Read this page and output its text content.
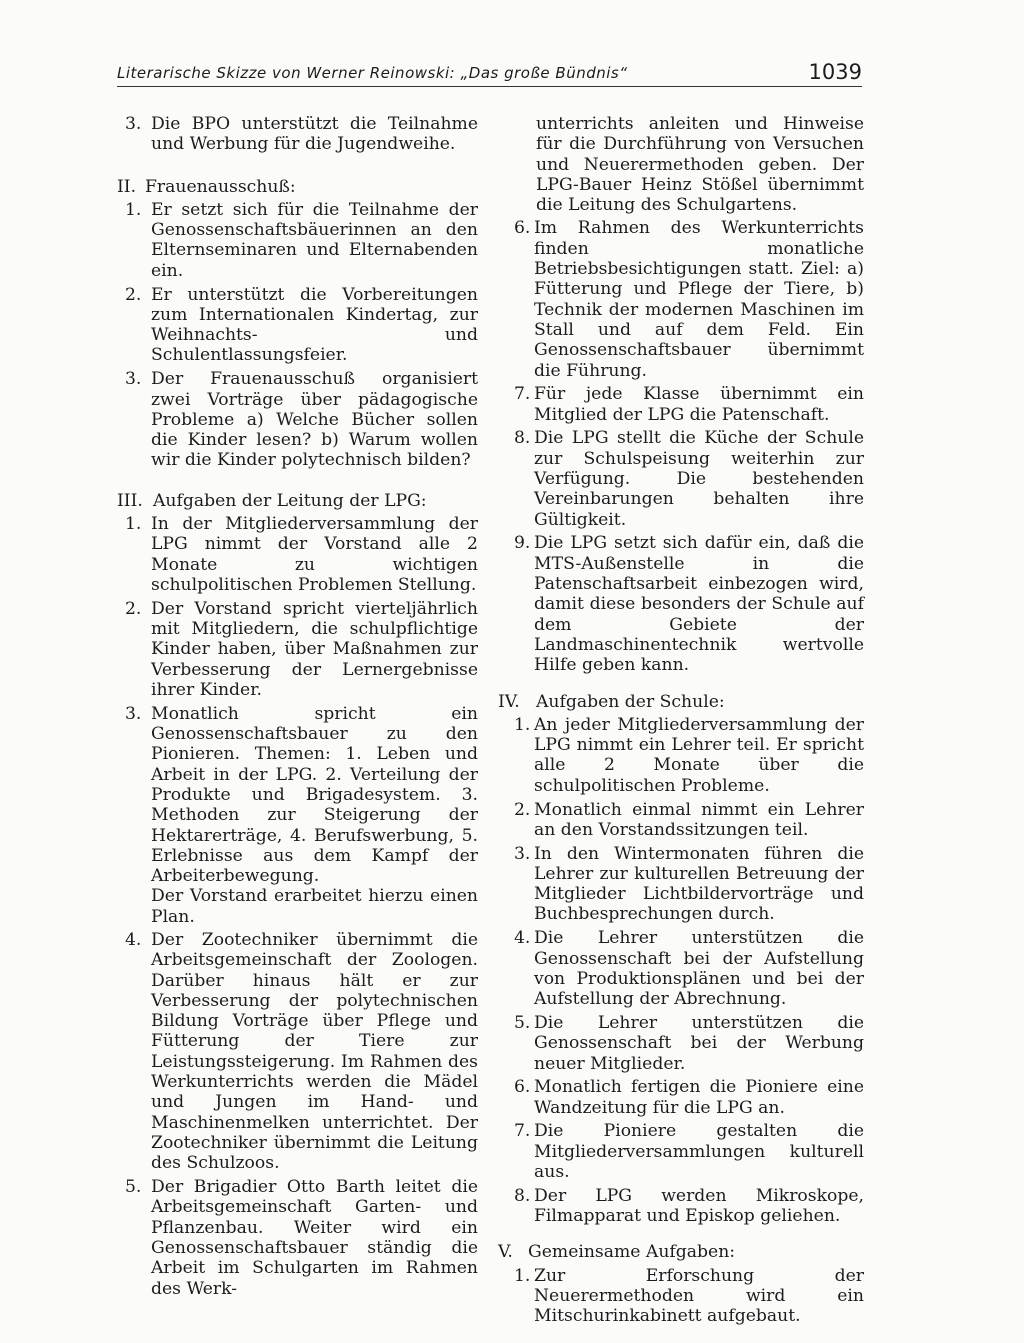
Literarische Skizze von Werner Reinowski: „Das große Bündnis“	1039
3. Die BPO unterstützt die Teilnahme und Werbung für die Jugendweihe.
II. Frauenausschuß:
1. Er setzt sich für die Teilnahme der Genossenschaftsbäuerinnen an den Elternseminaren und Elternabenden ein.
2. Er unterstützt die Vorbereitungen zum Internationalen Kindertag, zur Weihnachts- und Schulentlassungsfeier.
3. Der Frauenausschuß organisiert zwei Vorträge über pädagogische Probleme a) Welche Bücher sollen die Kinder lesen? b) Warum wollen wir die Kinder polytechnisch bilden?
III. Aufgaben der Leitung der LPG:
1. In der Mitgliederversammlung der LPG nimmt der Vorstand alle 2 Monate zu wichtigen schulpolitischen Problemen Stellung.
2. Der Vorstand spricht vierteljährlich mit Mitgliedern, die schulpflichtige Kinder haben, über Maßnahmen zur Verbesserung der Lernergebnisse ihrer Kinder.
3. Monatlich spricht ein Genossenschaftsbauer zu den Pionieren. Themen: 1. Leben und Arbeit in der LPG. 2. Verteilung der Produkte und Brigadesystem. 3. Methoden zur Steigerung der Hektarerträge, 4. Berufswerbung, 5. Erlebnisse aus dem Kampf der Arbeiterbewegung.
Der Vorstand erarbeitet hierzu einen Plan.
4. Der Zootechniker übernimmt die Arbeitsgemeinschaft der Zoologen. Darüber hinaus hält er zur Verbesserung der polytechnischen Bildung Vorträge über Pflege und Fütterung der Tiere zur Leistungssteigerung. Im Rahmen des Werkunterrichts werden die Mädel und Jungen im Hand- und Maschinenmelken unterrichtet. Der Zootechniker übernimmt die Leitung des Schulzoos.
5. Der Brigadier Otto Barth leitet die Arbeitsgemeinschaft Garten- und Pflanzenbau. Weiter wird ein Genossenschaftsbauer ständig die Arbeit im Schulgarten im Rahmen des Werk-
unterrichts anleiten und Hinweise für die Durchführung von Versuchen und Neuerermethoden geben. Der LPG-Bauer Heinz Stößel übernimmt die Leitung des Schulgartens.
6. Im Rahmen des Werkunterrichts finden monatliche Betriebsbesichtigungen statt. Ziel: a) Fütterung und Pflege der Tiere, b) Technik der modernen Maschinen im Stall und auf dem Feld. Ein Genossenschaftsbauer übernimmt die Führung.
7. Für jede Klasse übernimmt ein Mitglied der LPG die Patenschaft.
8. Die LPG stellt die Küche der Schule zur Schulspeisung weiterhin zur Verfügung. Die bestehenden Vereinbarungen behalten ihre Gültigkeit.
9. Die LPG setzt sich dafür ein, daß die MTS-Außenstelle in die Patenschaftsarbeit einbezogen wird, damit diese besonders der Schule auf dem Gebiete der Landmaschinentechnik wertvolle Hilfe geben kann.
IV. Aufgaben der Schule:
1. An jeder Mitgliederversammlung der LPG nimmt ein Lehrer teil. Er spricht alle 2 Monate über die schulpolitischen Probleme.
2. Monatlich einmal nimmt ein Lehrer an den Vorstandssitzungen teil.
3. In den Wintermonaten führen die Lehrer zur kulturellen Betreuung der Mitglieder Lichtbildervorträge und Buchbesprechungen durch.
4. Die Lehrer unterstützen die Genossenschaft bei der Aufstellung von Produktionsplänen und bei der Aufstellung der Abrechnung.
5. Die Lehrer unterstützen die Genossenschaft bei der Werbung neuer Mitglieder.
6. Monatlich fertigen die Pioniere eine Wandzeitung für die LPG an.
7. Die Pioniere gestalten die Mitgliederversammlungen kulturell aus.
8. Der LPG werden Mikroskope, Filmapparat und Episkop geliehen.
V. Gemeinsame Aufgaben:
1. Zur Erforschung der Neuerermethoden wird ein Mitschurinkabinett aufgebaut.
